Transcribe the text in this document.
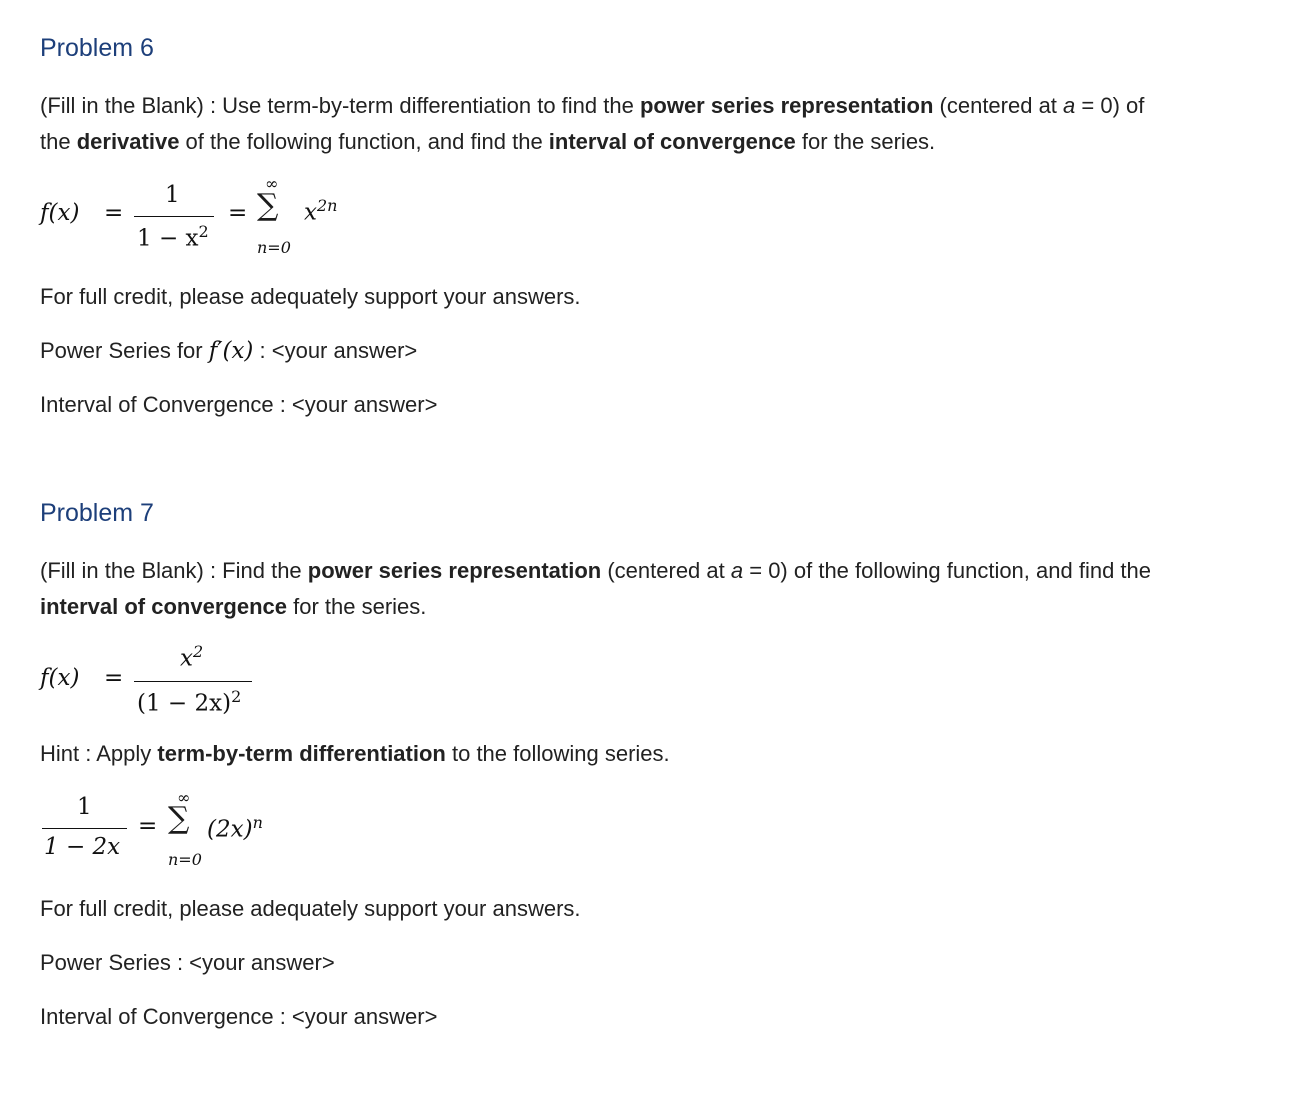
Problem 6
(Fill in the Blank) : Use term-by-term differentiation to find the power series representation (centered at a = 0) of
the derivative of the following function, and find the interval of convergence for the series.
f(x) =
1
$1 - x^2$
=
∞
∑
n=0
$x^{2n}$
For full credit, please adequately support your answers.
Power Series for f′(x) : <your answer>
Interval of Convergence : <your answer>
Problem 7
(Fill in the Blank) : Find the power series representation (centered at a = 0) of the following function, and find the
interval of convergence for the series.
f(x) =
$x^2$
$(1 - 2x)^2$
Hint : Apply term-by-term differentiation to the following series.
1
1 − 2x
=
∞
∑
n=0
$(2x)^n$
For full credit, please adequately support your answers.
Power Series : <your answer>
Interval of Convergence : <your answer>
